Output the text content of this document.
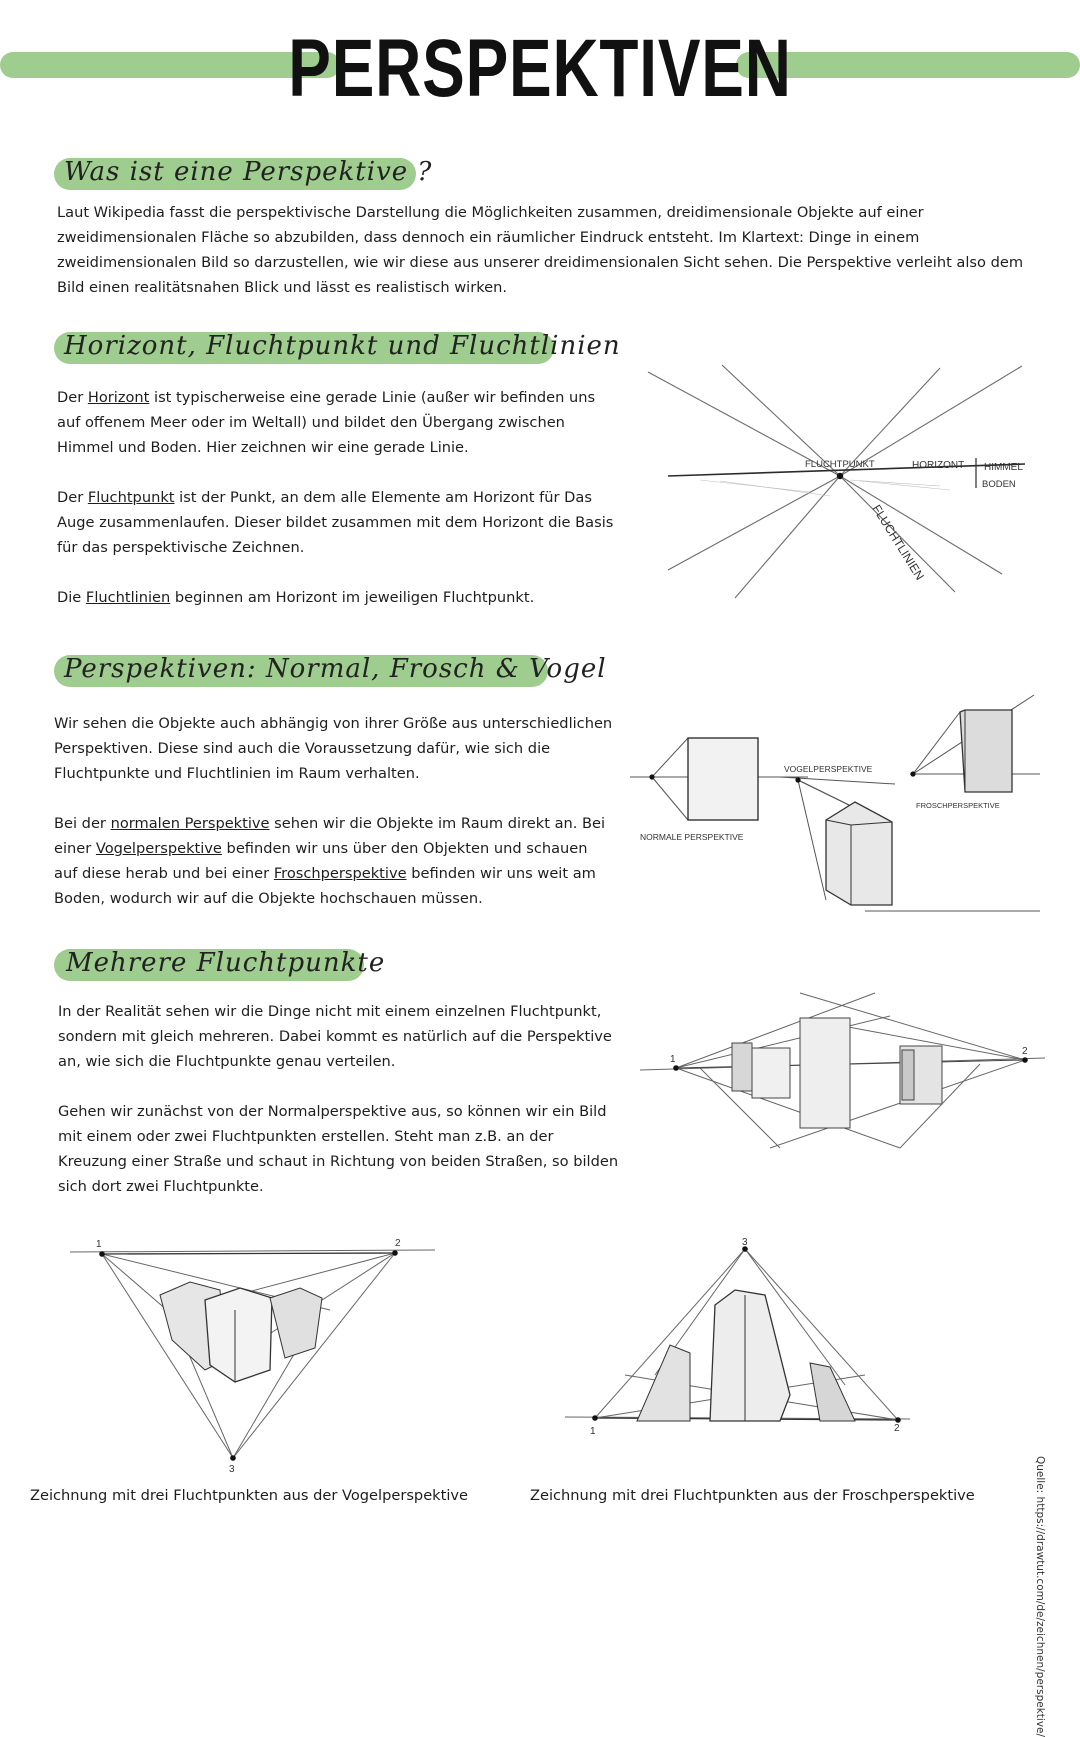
PERSPEKTIVEN
Was ist eine Perspektive ?

Laut Wikipedia fasst die perspektivische Darstellung die Möglichkeiten zusammen, dreidimensionale Objekte auf einer zweidimensionalen Fläche so abzubilden, dass dennoch ein räumlicher Eindruck entsteht. Im Klartext: Dinge in einem zweidimensionalen Bild so darzustellen, wie wir diese aus unserer dreidimensionalen Sicht sehen. Die Perspektive verleiht also dem Bild einen realitätsnahen Blick und lässt es realistisch wirken.

Horizont, Fluchtpunkt und Fluchtlinien

Der Horizont ist typischerweise eine gerade Linie (außer wir befinden uns auf offenem Meer oder im Weltall) und bildet den Übergang zwischen Himmel und Boden. Hier zeichnen wir eine gerade Linie.

Der Fluchtpunkt ist der Punkt, an dem alle Elemente am Horizont für Das Auge zusammenlaufen. Dieser bildet zusammen mit dem Horizont die Basis für das perspektivische Zeichnen.

Die Fluchtlinien beginnen am Horizont im jeweiligen Fluchtpunkt.

FLUCHTPUNKT	HORIZONT HIMMEL
BODEN
FLUCHTLINIEN
Perspektiven: Normal, Frosch & Vogel

Wir sehen die Objekte auch abhängig von ihrer Größe aus unterschiedlichen Perspektiven. Diese sind auch die Voraussetzung dafür, wie sich die Fluchtpunkte und Fluchtlinien im Raum verhalten.

Bei der normalen Perspektive sehen wir die Objekte im Raum direkt an. Bei einer Vogelperspektive befinden wir uns über den Objekten und schauen auf diese herab und bei einer Froschperspektive befinden wir uns weit am Boden, wodurch wir auf die Objekte hochschauen müssen.

NORMALE PERSPEKTIVE
VOGELPERSPEKTIVE
FROSCHPERSPEKTIVE
Mehrere Fluchtpunkte

In der Realität sehen wir die Dinge nicht mit einem einzelnen Fluchtpunkt, sondern mit gleich mehreren. Dabei kommt es natürlich auf die Perspektive an, wie sich die Fluchtpunkte genau verteilen.

Gehen wir zunächst von der Normalperspektive aus, so können wir ein Bild mit einem oder zwei Fluchtpunkten erstellen. Steht man z.B. an der Kreuzung einer Straße und schaut in Richtung von beiden Straßen, so bilden sich dort zwei Fluchtpunkte.

1
2
1	2
3
3
1	2
Zeichnung mit drei Fluchtpunkten aus der Vogelperspektive	Zeichnung mit drei Fluchtpunkten aus der Froschperspektive	Quelle: https://drawtut.com/de/zeichnen/perspektive/
